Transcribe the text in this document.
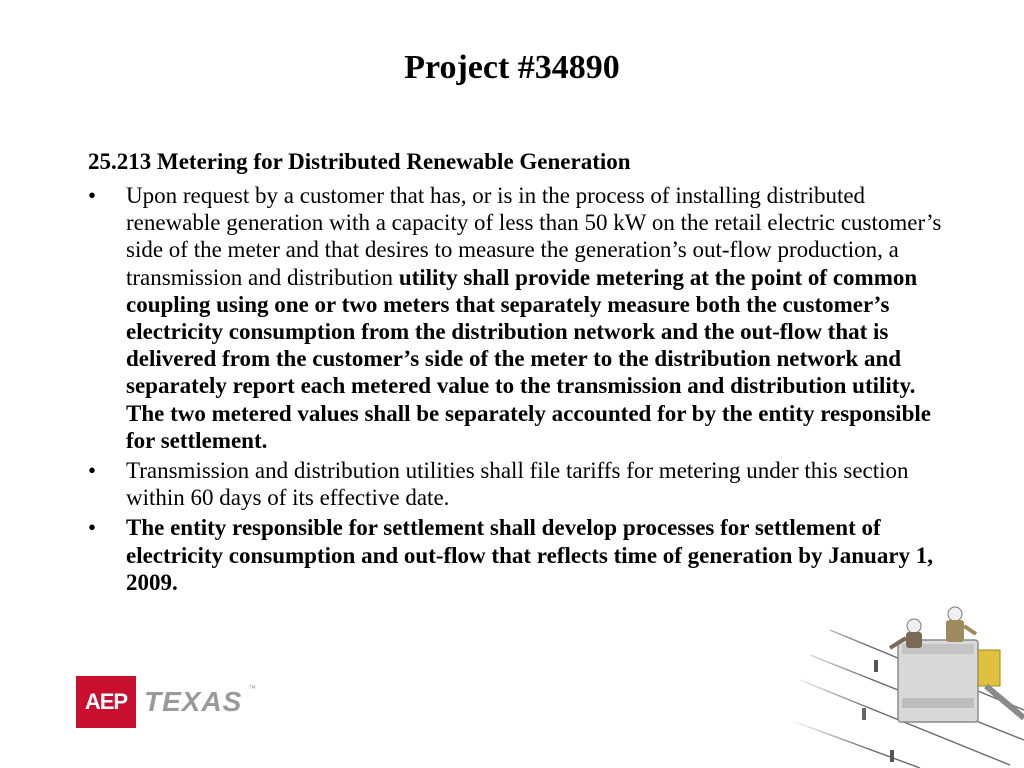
Project #34890
25.213 Metering for Distributed Renewable Generation
• Upon request by a customer that has, or is in the process of installing distributed renewable generation with a capacity of less than 50 kW on the retail electric customer’s side of the meter and that desires to measure the generation’s out-flow production, a transmission and distribution utility shall provide metering at the point of common coupling using one or two meters that separately measure both the customer’s electricity consumption from the distribution network and the out-flow that is delivered from the customer’s side of the meter to the distribution network and separately report each metered value to the transmission and distribution utility. The two metered values shall be separately accounted for by the entity responsible for settlement.
• Transmission and distribution utilities shall file tariffs for metering under this section within 60 days of its effective date.
• The entity responsible for settlement shall develop processes for settlement of electricity consumption and out-flow that reflects time of generation by January 1, 2009.
AEP TEXAS ™
